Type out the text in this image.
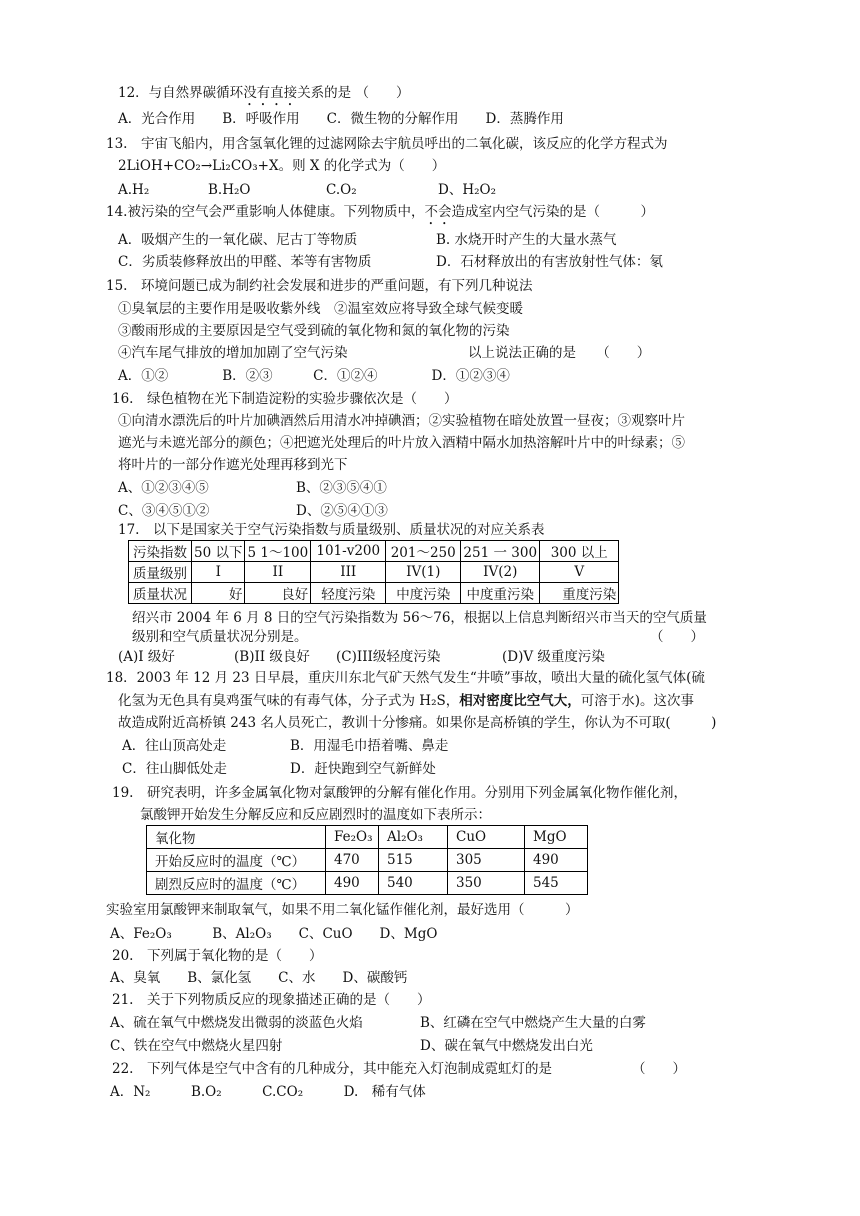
12．与自然界碳循环没有直接关系的是 （　　）
A．光合作用　　B．呼吸作用　　C．微生物的分解作用　　D．蒸腾作用
13.　宇宙飞船内，用含氢氧化锂的过滤网除去宇航员呼出的二氧化碳，该反应的化学方程式为
2LiOH+CO₂→Li₂CO₃+X。则 X 的化学式为（　　）
A.H₂	B.H₂O	C.O₂	D、H₂O₂
14.被污染的空气会严重影响人体健康。下列物质中，不会造成室内空气污染的是（　　　）
A．吸烟产生的一氧化碳、尼古丁等物质	B. 水烧开时产生的大量水蒸气
C．劣质装修释放出的甲醛、苯等有害物质	D．石材释放出的有害放射性气体：氡
15.　环境问题已成为制约社会发展和进步的严重问题，有下列几种说法
①臭氧层的主要作用是吸收紫外线　②温室效应将导致全球气候变暖
③酸雨形成的主要原因是空气受到硫的氧化物和氮的氧化物的污染
④汽车尾气排放的增加加剧了空气污染	以上说法正确的是　　（　　）
A．①②　　　　B．②③　　　C．①②④　　　　D．①②③④
16.　绿色植物在光下制造淀粉的实验步骤依次是（　　）
①向清水漂洗后的叶片加碘酒然后用清水冲掉碘酒；②实验植物在暗处放置一昼夜；③观察叶片
遮光与未遮光部分的颜色；④把遮光处理后的叶片放入酒精中隔水加热溶解叶片中的叶绿素；⑤
将叶片的一部分作遮光处理再移到光下
A、①②③④⑤	B、②③⑤④①
C、③④⑤①②	D、②⑤④①③
17.　以下是国家关于空气污染指数与质量级别、质量状况的对应关系表
污染指数	50 以下	5 1～100	101-v200	201～250	251 一 300	300 以上
质量级别	I	II	III	IV(1)	IV(2)	V
质量状况	好	良好	轻度污染	中度污染	中度重污染	重度污染
绍兴市 2004 年 6 月 8 日的空气污染指数为 56～76，根据以上信息判断绍兴市当天的空气质量
级别和空气质量状况分别是。	（　　）
(A)I 级好	(B)II 级良好 (C)III级轻度污染	(D)V 级重度污染
18．2003 年 12 月 23 日早晨，重庆川东北气矿天然气发生“井喷”事故，喷出大量的硫化氢气体(硫
化氢为无色具有臭鸡蛋气味的有毒气体，分子式为 H₂S，相对密度比空气大，可溶于水)。这次事
故造成附近高桥镇 243 名人员死亡，教训十分惨痛。如果你是高桥镇的学生，你认为不可取(　　　)
A．往山顶高处走	B．用湿毛巾捂着嘴、鼻走
C．往山脚低处走	D．赶快跑到空气新鲜处
19.　研究表明，许多金属氧化物对氯酸钾的分解有催化作用。分别用下列金属氧化物作催化剂，
氯酸钾开始发生分解反应和反应剧烈时的温度如下表所示：
氧化物	Fe₂O₃	Al₂O₃	CuO	MgO
开始反应时的温度（℃）	470	515	305	490
剧烈反应时的温度（℃）	490	540	350	545
实验室用氯酸钾来制取氧气，如果不用二氧化锰作催化剂，最好选用（　　　）
A、Fe₂O₃　　　B、Al₂O₃　　C、CuO　　D、MgO
20.　下列属于氧化物的是（　　）
A、臭氧　　B、氯化氢　　C、水　　D、碳酸钙
21.　关于下列物质反应的现象描述正确的是（　　）
A、硫在氧气中燃烧发出微弱的淡蓝色火焰	B、红磷在空气中燃烧产生大量的白雾
C、铁在空气中燃烧火星四射	D、碳在氧气中燃烧发出白光
22.　下列气体是空气中含有的几种成分，其中能充入灯泡制成霓虹灯的是	（　　）
A．N₂　　　B.O₂　　　C.CO₂　　　D.　稀有气体
